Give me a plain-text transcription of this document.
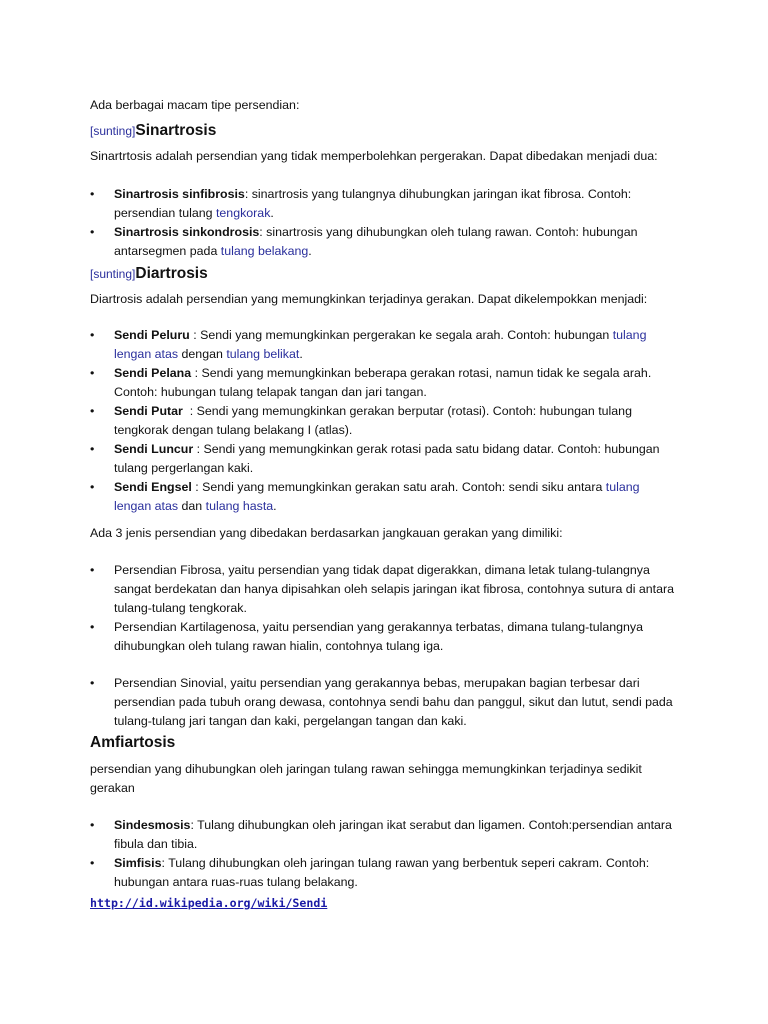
Ada berbagai macam tipe persendian:

[sunting]Sinartrosis

Sinartrtosis adalah persendian yang tidak memperbolehkan pergerakan. Dapat dibedakan menjadi dua:

• Sinartrosis sinfibrosis: sinartrosis yang tulangnya dihubungkan jaringan ikat fibrosa. Contoh: persendian tulang tengkorak.
• Sinartrosis sinkondrosis: sinartrosis yang dihubungkan oleh tulang rawan. Contoh: hubungan antarsegmen pada tulang belakang.

[sunting]Diartrosis

Diartrosis adalah persendian yang memungkinkan terjadinya gerakan. Dapat dikelempokkan menjadi:

• Sendi Peluru : Sendi yang memungkinkan pergerakan ke segala arah. Contoh: hubungan tulang lengan atas dengan tulang belikat.
• Sendi Pelana : Sendi yang memungkinkan beberapa gerakan rotasi, namun tidak ke segala arah. Contoh: hubungan tulang telapak tangan dan jari tangan.
• Sendi Putar  : Sendi yang memungkinkan gerakan berputar (rotasi). Contoh: hubungan tulang tengkorak dengan tulang belakang I (atlas).
• Sendi Luncur : Sendi yang memungkinkan gerak rotasi pada satu bidang datar. Contoh: hubungan tulang pergerlangan kaki.
• Sendi Engsel : Sendi yang memungkinkan gerakan satu arah. Contoh: sendi siku antara tulang lengan atas dan tulang hasta.

Ada 3 jenis persendian yang dibedakan berdasarkan jangkauan gerakan yang dimiliki:

• Persendian Fibrosa, yaitu persendian yang tidak dapat digerakkan, dimana letak tulang-tulangnya sangat berdekatan dan hanya dipisahkan oleh selapis jaringan ikat fibrosa, contohnya sutura di antara tulang-tulang tengkorak.
• Persendian Kartilagenosa, yaitu persendian yang gerakannya terbatas, dimana tulang-tulangnya dihubungkan oleh tulang rawan hialin, contohnya tulang iga.
• Persendian Sinovial, yaitu persendian yang gerakannya bebas, merupakan bagian terbesar dari persendian pada tubuh orang dewasa, contohnya sendi bahu dan panggul, sikut dan lutut, sendi pada tulang-tulang jari tangan dan kaki, pergelangan tangan dan kaki.

Amfiartosis

persendian yang dihubungkan oleh jaringan tulang rawan sehingga memungkinkan terjadinya sedikit gerakan

• Sindesmosis: Tulang dihubungkan oleh jaringan ikat serabut dan ligamen. Contoh:persendian antara fibula dan tibia.
• Simfisis: Tulang dihubungkan oleh jaringan tulang rawan yang berbentuk seperi cakram. Contoh: hubungan antara ruas-ruas tulang belakang.
http://id.wikipedia.org/wiki/Sendi
